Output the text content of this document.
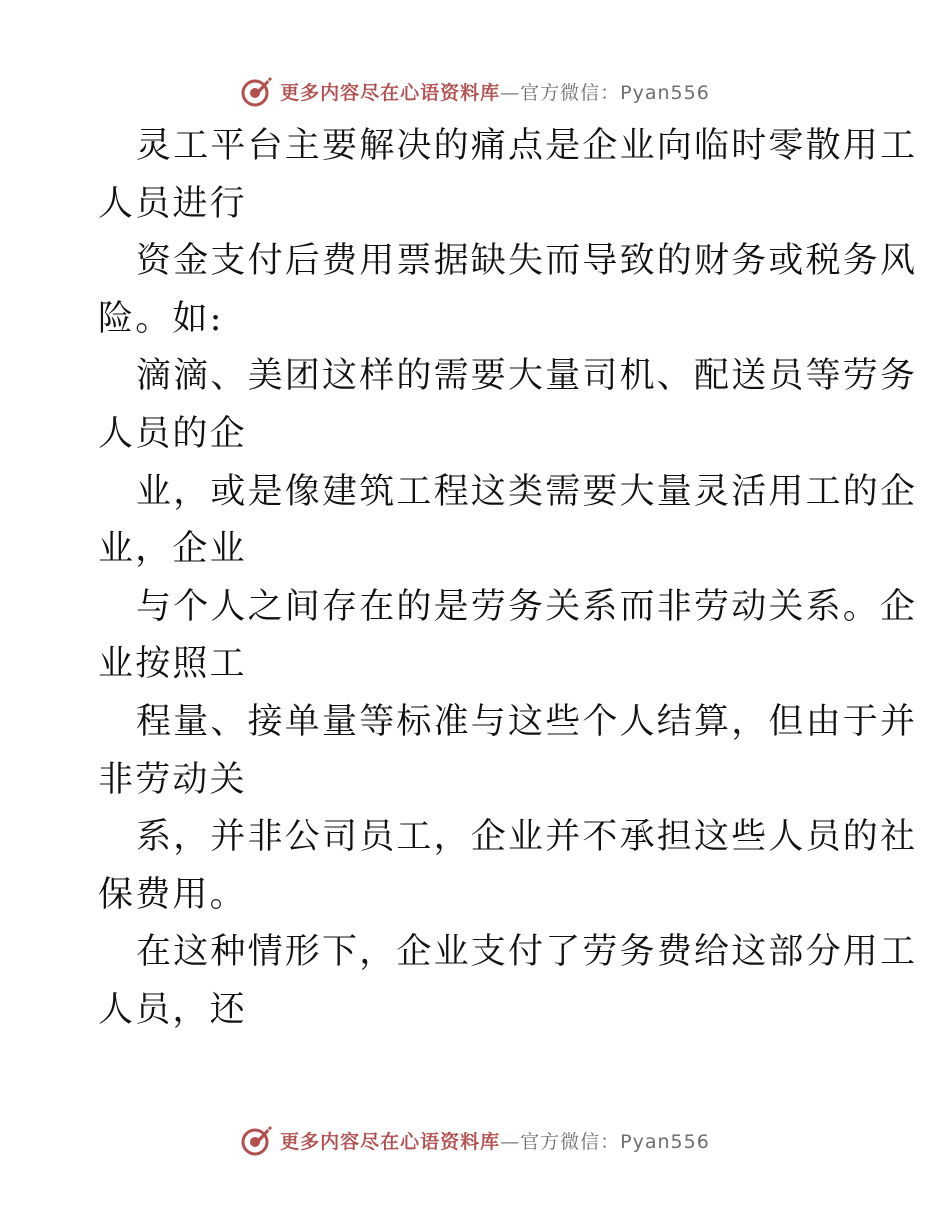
更多内容尽在心语资料库—官方微信：Pyan556
灵工平台主要解决的痛点是企业向临时零散用工
人员进行
资金支付后费用票据缺失而导致的财务或税务风
险。如:
滴滴、美团这样的需要大量司机、配送员等劳务
人员的企
业，或是像建筑工程这类需要大量灵活用工的企
业，企业
与个人之间存在的是劳务关系而非劳动关系。企
业按照工
程量、接单量等标准与这些个人结算，但由于并
非劳动关
系，并非公司员工，企业并不承担这些人员的社
保费用。
在这种情形下，企业支付了劳务费给这部分用工
人员，还
更多内容尽在心语资料库—官方微信：Pyan556
